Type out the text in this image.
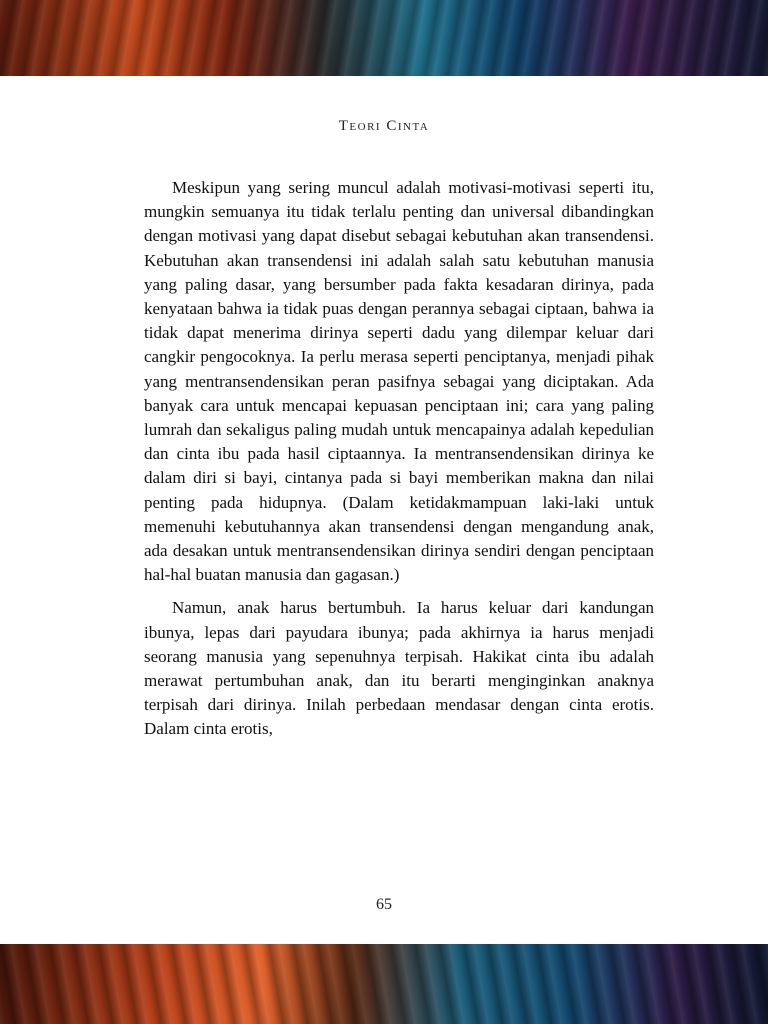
Teori Cinta

Meskipun yang sering muncul adalah motivasi-motivasi seperti itu, mungkin semuanya itu tidak terlalu penting dan universal dibandingkan dengan motivasi yang dapat disebut sebagai kebutuhan akan transendensi. Kebutuhan akan transendensi ini adalah salah satu kebutuhan manusia yang paling dasar, yang bersumber pada fakta kesadaran dirinya, pada kenyataan bahwa ia tidak puas dengan perannya sebagai ciptaan, bahwa ia tidak dapat menerima dirinya seperti dadu yang dilempar keluar dari cangkir pengocoknya. Ia perlu merasa seperti penciptanya, menjadi pihak yang mentransendensikan peran pasifnya sebagai yang diciptakan. Ada banyak cara untuk mencapai kepuasan penciptaan ini; cara yang paling lumrah dan sekaligus paling mudah untuk mencapainya adalah kepedulian dan cinta ibu pada hasil ciptaannya. Ia mentransendensikan dirinya ke dalam diri si bayi, cintanya pada si bayi memberikan makna dan nilai penting pada hidupnya. (Dalam ketidakmampuan laki-laki untuk memenuhi kebutuhannya akan transendensi dengan mengandung anak, ada desakan untuk mentransendensikan dirinya sendiri dengan penciptaan hal-hal buatan manusia dan gagasan.)

Namun, anak harus bertumbuh. Ia harus keluar dari kandungan ibunya, lepas dari payudara ibunya; pada akhirnya ia harus menjadi seorang manusia yang sepenuhnya terpisah. Hakikat cinta ibu adalah merawat pertumbuhan anak, dan itu berarti menginginkan anaknya terpisah dari dirinya. Inilah perbedaan mendasar dengan cinta erotis. Dalam cinta erotis,

65
